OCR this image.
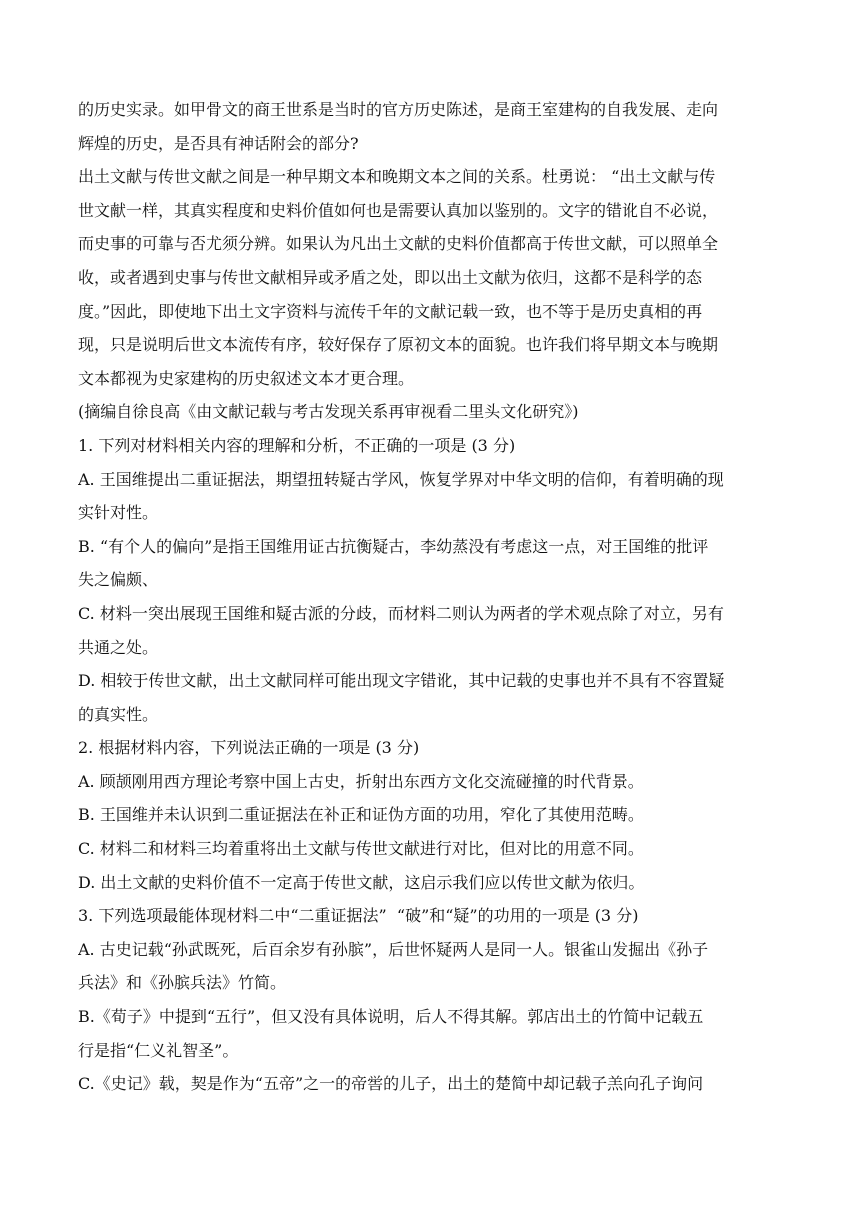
的历史实录。如甲骨文的商王世系是当时的官方历史陈述，是商王室建构的自我发展、走向
辉煌的历史，是否具有神话附会的部分?
出土文献与传世文献之间是一种早期文本和晚期文本之间的关系。杜勇说： “出土文献与传
世文献一样，其真实程度和史料价值如何也是需要认真加以鉴别的。文字的错讹自不必说，
而史事的可靠与否尤须分辨。如果认为凡出土文献的史料价值都高于传世文献，可以照单全
收，或者遇到史事与传世文献相异或矛盾之处，即以出土文献为依归，这都不是科学的态
度。”因此，即使地下出土文字资料与流传千年的文献记载一致，也不等于是历史真相的再
现，只是说明后世文本流传有序，较好保存了原初文本的面貌。也许我们将早期文本与晚期
文本都视为史家建构的历史叙述文本才更合理。
(摘编自徐良高《由文献记载与考古发现关系再审视看二里头文化研究》)
1. 下列对材料相关内容的理解和分析，不正确的一项是 (3 分)
A. 王国维提出二重证据法，期望扭转疑古学风，恢复学界对中华文明的信仰，有着明确的现
实针对性。
B. “有个人的偏向”是指王国维用证古抗衡疑古，李幼蒸没有考虑这一点，对王国维的批评
失之偏颇、
C. 材料一突出展现王国维和疑古派的分歧，而材料二则认为两者的学术观点除了对立，另有
共通之处。
D. 相较于传世文献，出土文献同样可能出现文字错讹，其中记载的史事也并不具有不容置疑
的真实性。
2. 根据材料内容，下列说法正确的一项是 (3 分)
A. 顾颉刚用西方理论考察中国上古史，折射出东西方文化交流碰撞的时代背景。
B. 王国维并未认识到二重证据法在补正和证伪方面的功用，窄化了其使用范畴。
C. 材料二和材料三均着重将出土文献与传世文献进行对比，但对比的用意不同。
D. 出土文献的史料价值不一定高于传世文献，这启示我们应以传世文献为依归。
3. 下列选项最能体现材料二中“二重证据法”  “破”和“疑”的功用的一项是 (3 分)
A. 古史记载“孙武既死，后百余岁有孙膑”，后世怀疑两人是同一人。银雀山发掘出《孙子
兵法》和《孙膑兵法》竹简。
B.《荀子》中提到“五行”，但又没有具体说明，后人不得其解。郭店出土的竹简中记载五
行是指“仁义礼智圣”。
C.《史记》载，契是作为“五帝”之一的帝喾的儿子，出土的楚简中却记载子羔向孔子询问
